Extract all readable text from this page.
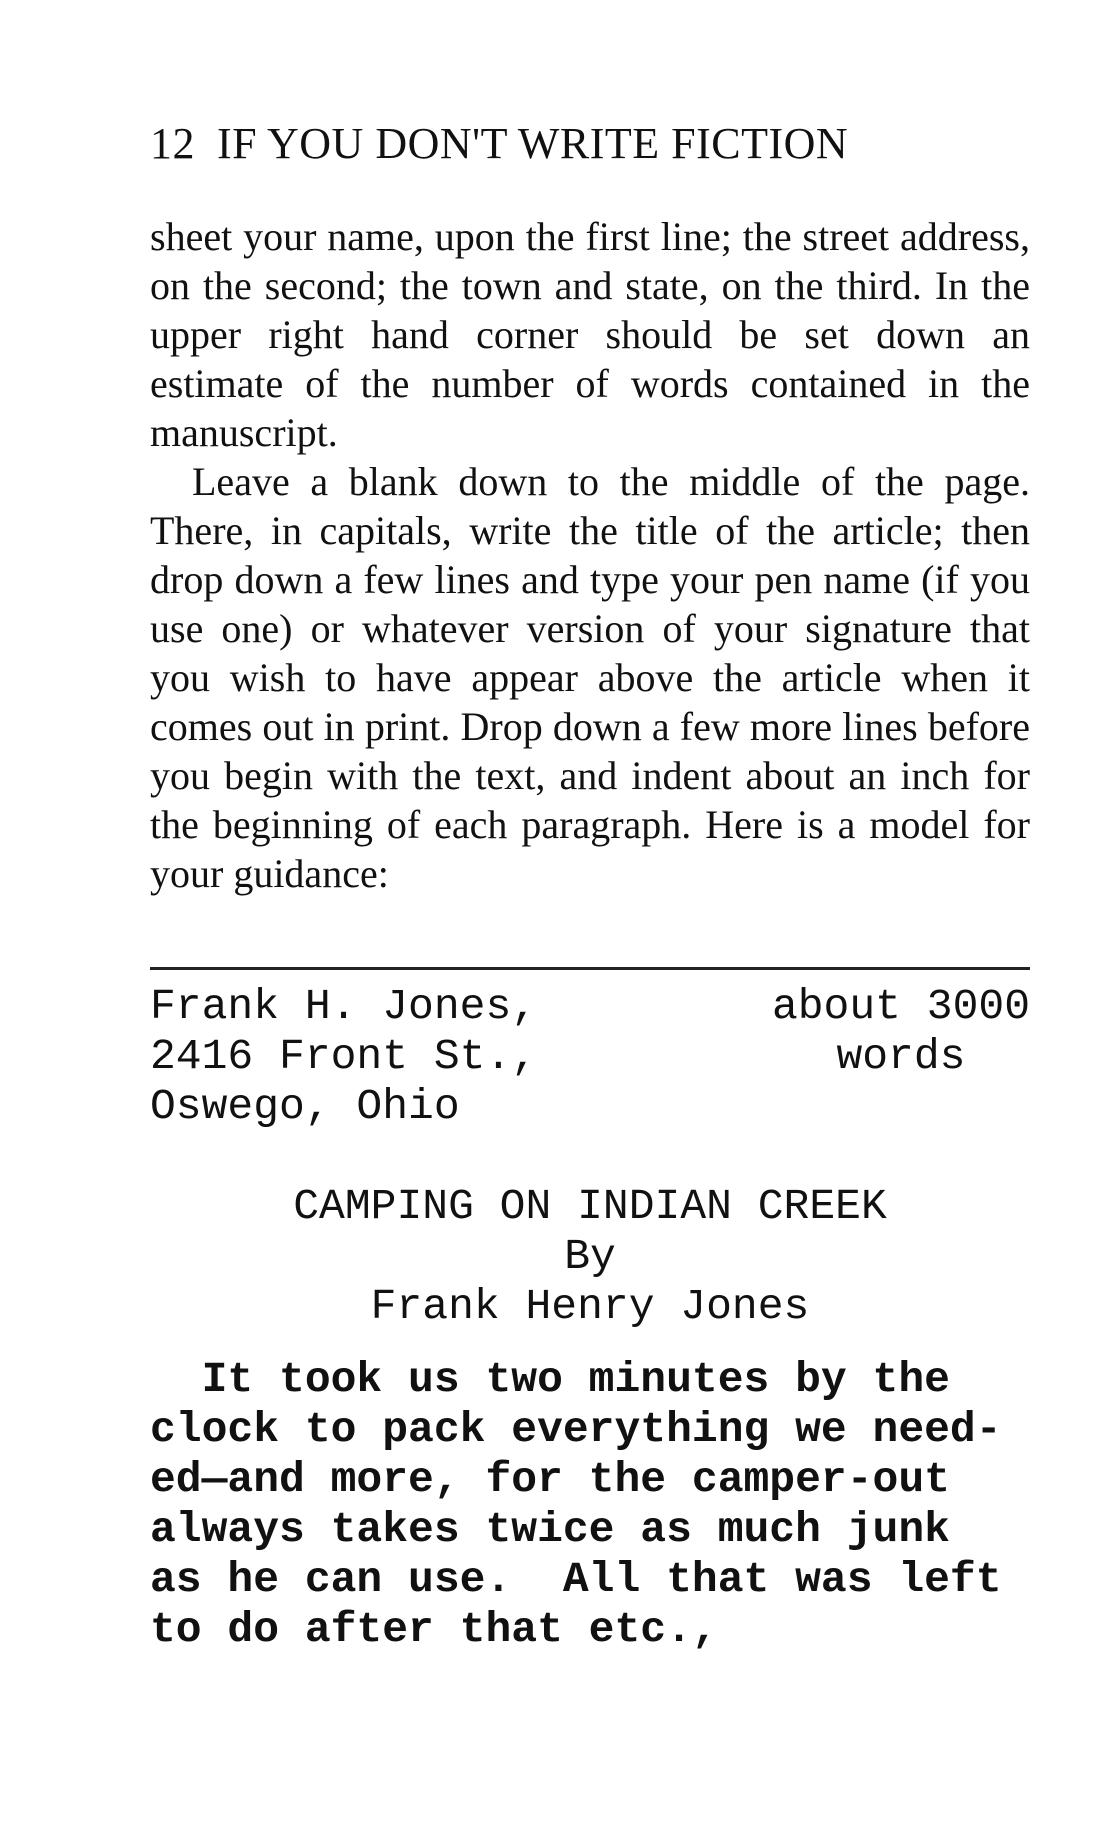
12 IF YOU DON'T WRITE FICTION

sheet your name, upon the first line; the street address, on the second; the town and state, on the third. In the upper right hand corner should be set down an estimate of the number of words contained in the manuscript.

Leave a blank down to the middle of the page. There, in capitals, write the title of the article; then drop down a few lines and type your pen name (if you use one) or whatever version of your signature that you wish to have appear above the article when it comes out in print. Drop down a few more lines before you begin with the text, and indent about an inch for the beginning of each paragraph. Here is a model for your guidance:

Frank H. Jones,
2416 Front St.,
Oswego, Ohio
about 3000
words
CAMPING ON INDIAN CREEK
By
Frank Henry Jones
It took us two minutes by the
clock to pack everything we need-
ed—and more, for the camper-out
always takes twice as much junk
as he can use.  All that was left
to do after that etc.,
